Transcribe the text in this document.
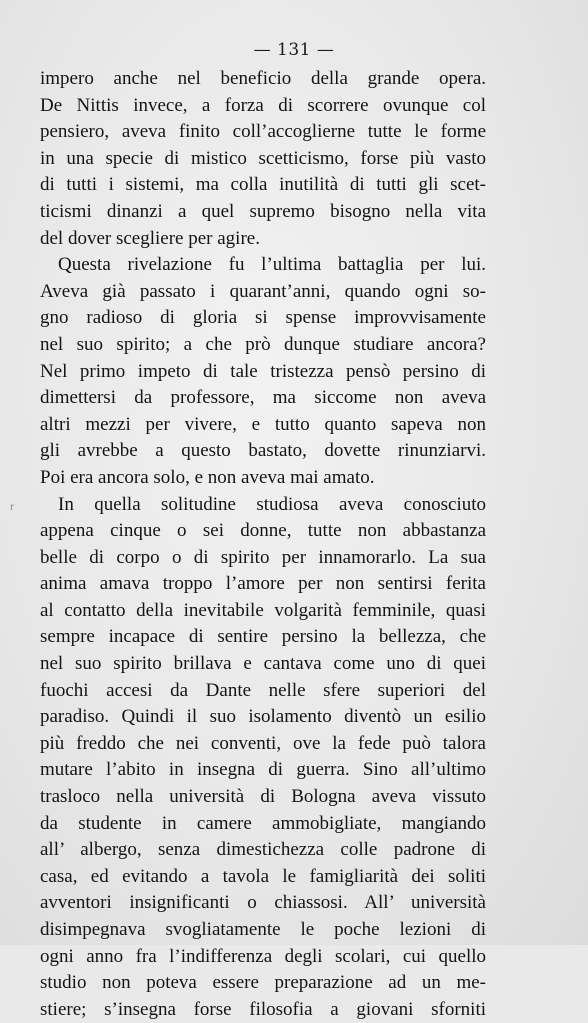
— 131 —
r
impero anche nel beneficio della grande opera.
De Nittis invece, a forza di scorrere ovunque col
pensiero, aveva finito coll’accoglierne tutte le forme
in una specie di mistico scetticismo, forse più vasto
di tutti i sistemi, ma colla inutilità di tutti gli scet-
ticismi dinanzi a quel supremo bisogno nella vita
del dover scegliere per agire.
Questa rivelazione fu l’ultima battaglia per lui.
Aveva già passato i quarant’anni, quando ogni so-
gno radioso di gloria si spense improvvisamente
nel suo spirito; a che prò dunque studiare ancora?
Nel primo impeto di tale tristezza pensò persino di
dimettersi da professore, ma siccome non aveva
altri mezzi per vivere, e tutto quanto sapeva non
gli avrebbe a questo bastato, dovette rinunziarvi.
Poi era ancora solo, e non aveva mai amato.
In quella solitudine studiosa aveva conosciuto
appena cinque o sei donne, tutte non abbastanza
belle di corpo o di spirito per innamorarlo. La sua
anima amava troppo l’amore per non sentirsi ferita
al contatto della inevitabile volgarità femminile, quasi
sempre incapace di sentire persino la bellezza, che
nel suo spirito brillava e cantava come uno di quei
fuochi accesi da Dante nelle sfere superiori del
paradiso. Quindi il suo isolamento diventò un esilio
più freddo che nei conventi, ove la fede può talora
mutare l’abito in insegna di guerra. Sino all’ultimo
trasloco nella università di Bologna aveva vissuto
da studente in camere ammobigliate, mangiando
all’ albergo, senza dimestichezza colle padrone di
casa, ed evitando a tavola le famigliarità dei soliti
avventori insignificanti o chiassosi. All’ università
disimpegnava svogliatamente le poche lezioni di
ogni anno fra l’indifferenza degli scolari, cui quello
studio non poteva essere preparazione ad un me-
stiere; s’insegna forse filosofia a giovani sforniti
